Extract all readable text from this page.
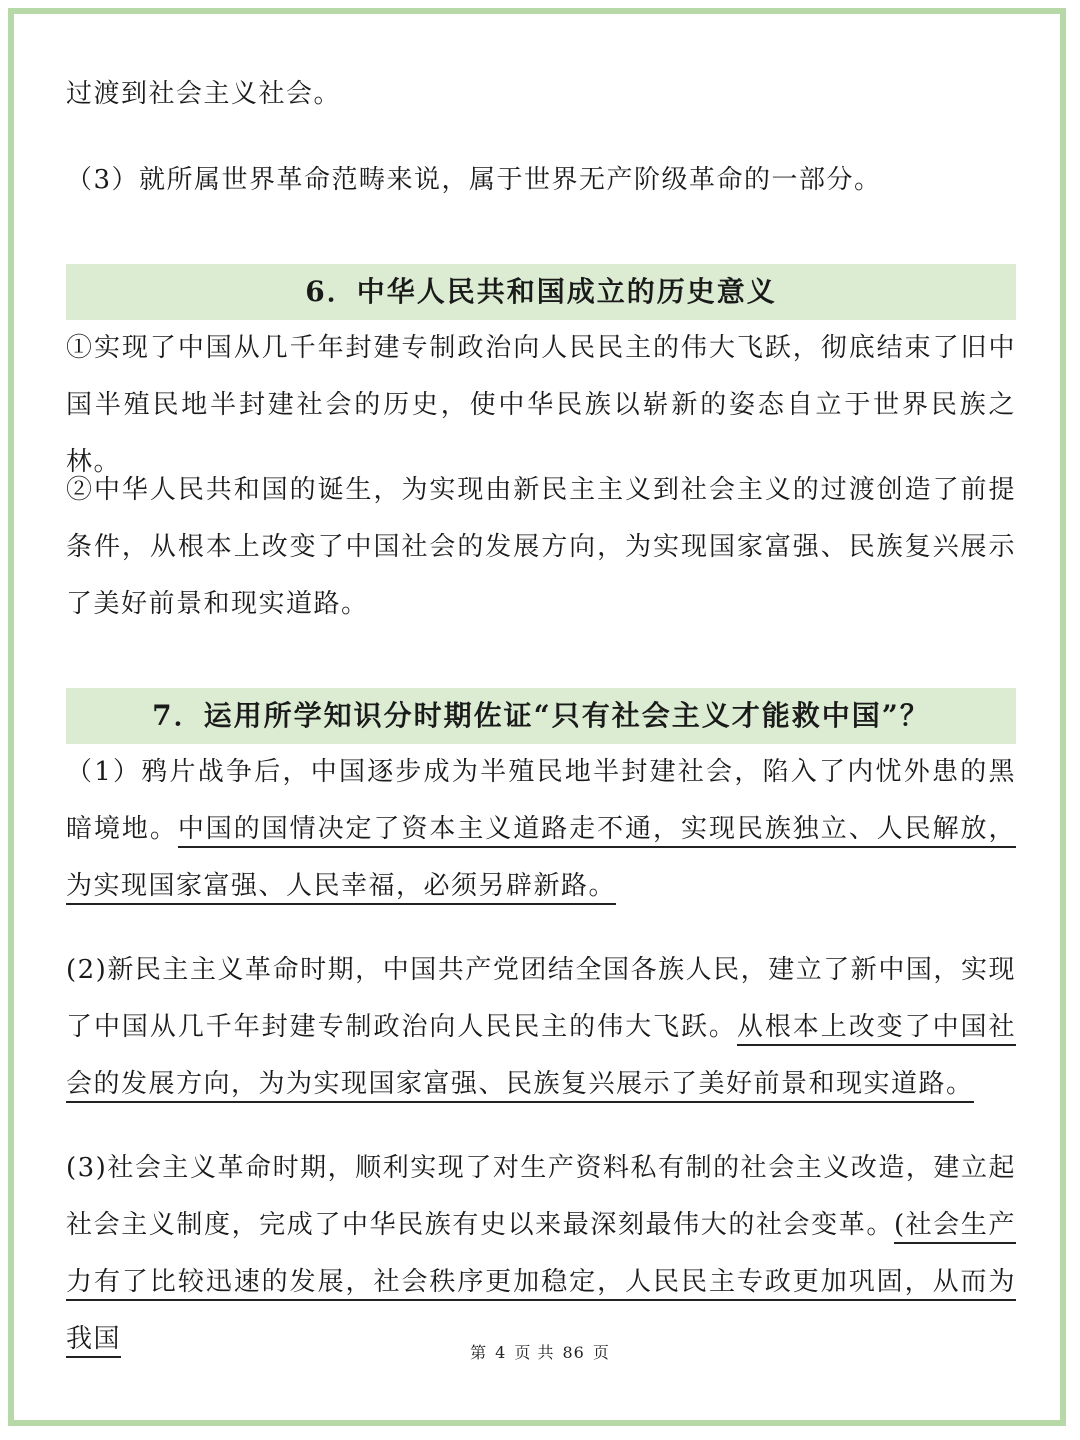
过渡到社会主义社会。

（3）就所属世界革命范畴来说，属于世界无产阶级革命的一部分。

6．中华人民共和国成立的历史意义

①实现了中国从几千年封建专制政治向人民民主的伟大飞跃，彻底结束了旧中国半殖民地半封建社会的历史，使中华民族以崭新的姿态自立于世界民族之林。

②中华人民共和国的诞生，为实现由新民主主义到社会主义的过渡创造了前提条件，从根本上改变了中国社会的发展方向，为实现国家富强、民族复兴展示了美好前景和现实道路。

7．运用所学知识分时期佐证“只有社会主义才能救中国”？

（1）鸦片战争后，中国逐步成为半殖民地半封建社会，陷入了内忧外患的黑暗境地。中国的国情决定了资本主义道路走不通，实现民族独立、人民解放，为实现国家富强、人民幸福，必须另辟新路。

(2)新民主主义革命时期，中国共产党团结全国各族人民，建立了新中国，实现了中国从几千年封建专制政治向人民民主的伟大飞跃。从根本上改变了中国社会的发展方向，为为实现国家富强、民族复兴展示了美好前景和现实道路。

(3)社会主义革命时期，顺利实现了对生产资料私有制的社会主义改造，建立起社会主义制度，完成了中华民族有史以来最深刻最伟大的社会变革。(社会生产力有了比较迅速的发展，社会秩序更加稳定，人民民主专政更加巩固，从而为我国	第 4 页 共 86 页
